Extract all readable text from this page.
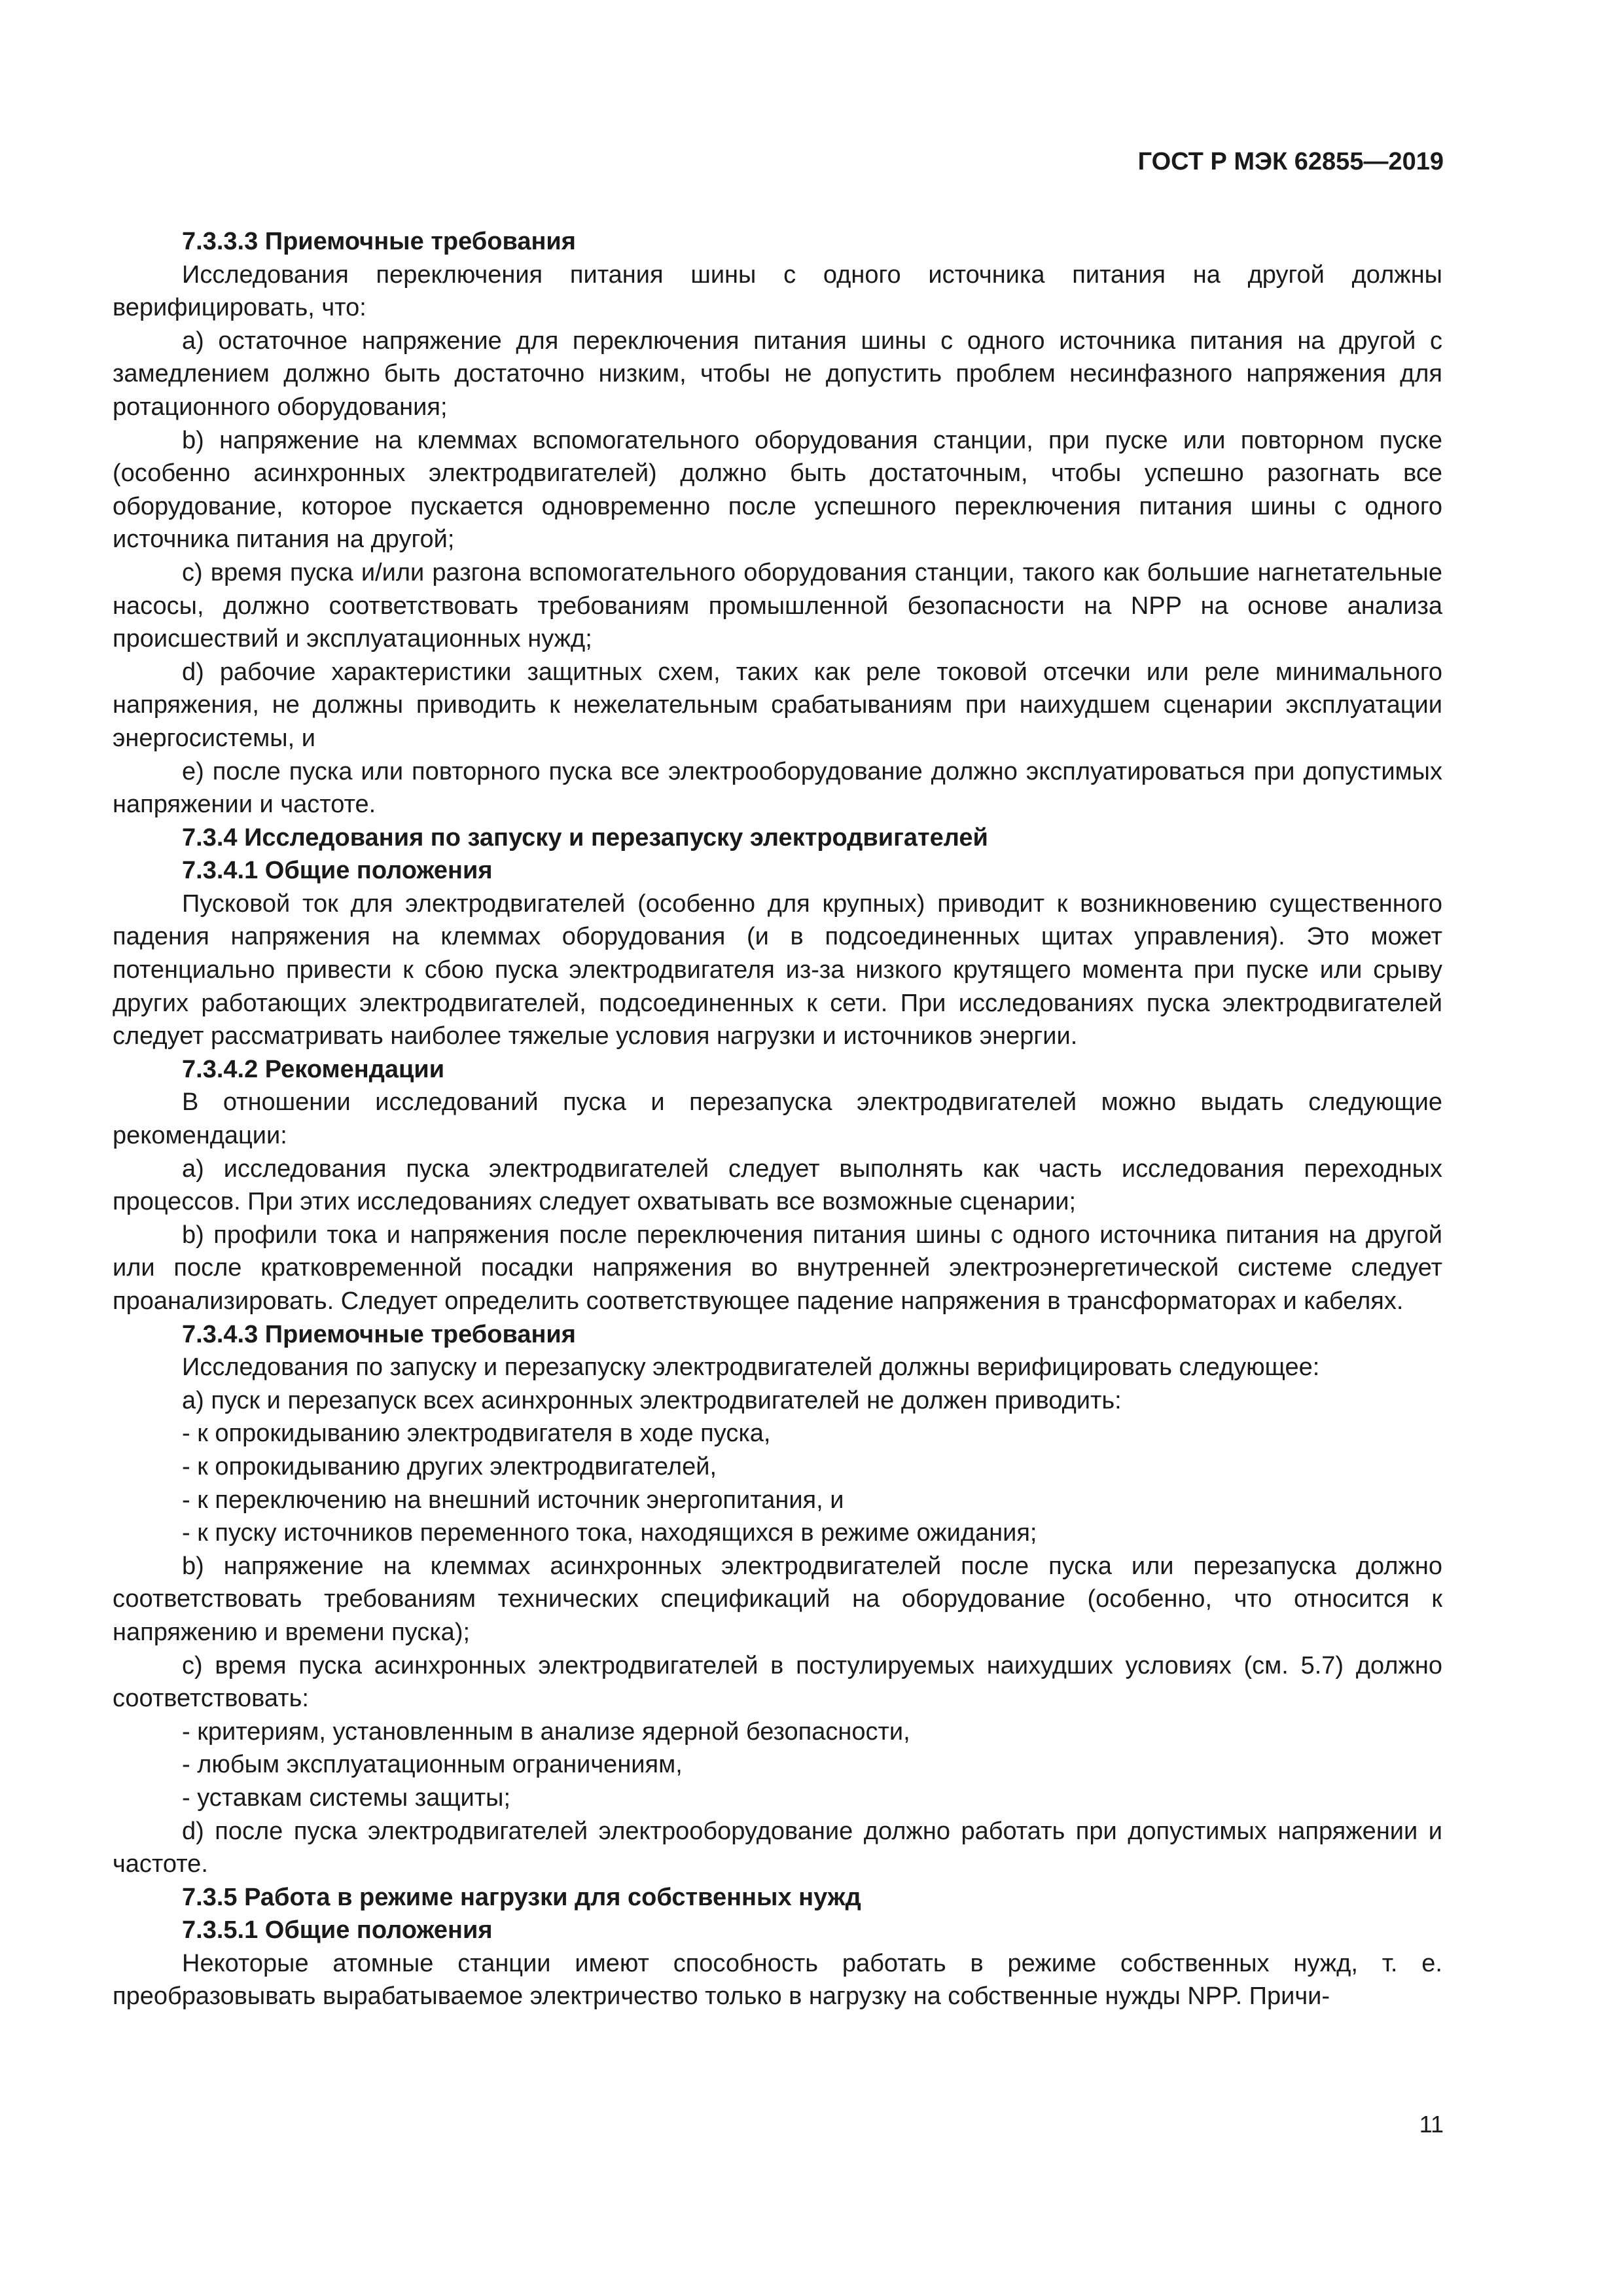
ГОСТ Р МЭК 62855—2019

7.3.3.3 Приемочные требования

Исследования переключения питания шины с одного источника питания на другой должны верифицировать, что:

a) остаточное напряжение для переключения питания шины с одного источника питания на другой с замедлением должно быть достаточно низким, чтобы не допустить проблем несинфазного напряжения для ротационного оборудования;

b) напряжение на клеммах вспомогательного оборудования станции, при пуске или повторном пуске (особенно асинхронных электродвигателей) должно быть достаточным, чтобы успешно разогнать все оборудование, которое пускается одновременно после успешного переключения питания шины с одного источника питания на другой;

c) время пуска и/или разгона вспомогательного оборудования станции, такого как большие нагнетательные насосы, должно соответствовать требованиям промышленной безопасности на NPP на основе анализа происшествий и эксплуатационных нужд;

d) рабочие характеристики защитных схем, таких как реле токовой отсечки или реле минимального напряжения, не должны приводить к нежелательным срабатываниям при наихудшем сценарии эксплуатации энергосистемы, и

e) после пуска или повторного пуска все электрооборудование должно эксплуатироваться при допустимых напряжении и частоте.

7.3.4 Исследования по запуску и перезапуску электродвигателей

7.3.4.1 Общие положения

Пусковой ток для электродвигателей (особенно для крупных) приводит к возникновению существенного падения напряжения на клеммах оборудования (и в подсоединенных щитах управления). Это может потенциально привести к сбою пуска электродвигателя из-за низкого крутящего момента при пуске или срыву других работающих электродвигателей, подсоединенных к сети. При исследованиях пуска электродвигателей следует рассматривать наиболее тяжелые условия нагрузки и источников энергии.

7.3.4.2 Рекомендации

В отношении исследований пуска и перезапуска электродвигателей можно выдать следующие рекомендации:

a) исследования пуска электродвигателей следует выполнять как часть исследования переходных процессов. При этих исследованиях следует охватывать все возможные сценарии;

b) профили тока и напряжения после переключения питания шины с одного источника питания на другой или после кратковременной посадки напряжения во внутренней электроэнергетической системе следует проанализировать. Следует определить соответствующее падение напряжения в трансформаторах и кабелях.

7.3.4.3 Приемочные требования

Исследования по запуску и перезапуску электродвигателей должны верифицировать следующее:

a) пуск и перезапуск всех асинхронных электродвигателей не должен приводить:

- к опрокидыванию электродвигателя в ходе пуска,

- к опрокидыванию других электродвигателей,

- к переключению на внешний источник энергопитания, и

- к пуску источников переменного тока, находящихся в режиме ожидания;

b) напряжение на клеммах асинхронных электродвигателей после пуска или перезапуска должно соответствовать требованиям технических спецификаций на оборудование (особенно, что относится к напряжению и времени пуска);

c) время пуска асинхронных электродвигателей в постулируемых наихудших условиях (см. 5.7) должно соответствовать:

- критериям, установленным в анализе ядерной безопасности,

- любым эксплуатационным ограничениям,

- уставкам системы защиты;

d) после пуска электродвигателей электрооборудование должно работать при допустимых напряжении и частоте.

7.3.5 Работа в режиме нагрузки для собственных нужд

7.3.5.1 Общие положения

Некоторые атомные станции имеют способность работать в режиме собственных нужд, т. е. преобразовывать вырабатываемое электричество только в нагрузку на собственные нужды NPP. Причи-

11
